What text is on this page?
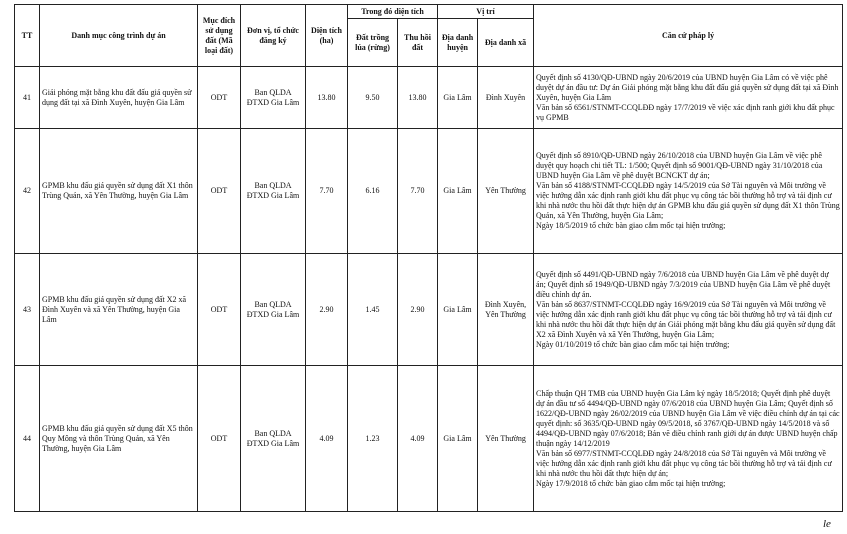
TT	Danh mục công trình dự án	Mục đích sử dụng đất (Mã loại đất)	Đơn vị, tổ chức đăng ký	Diện tích (ha)	Trong đó diện tích		Vị trí		Căn cứ pháp lý
					Đất trồng lúa (rừng)	Thu hồi đất	Địa danh huyện	Địa danh xã	
41	Giải phóng mặt bằng khu đất đấu giá quyền sử dụng đất tại xã Đình Xuyên, huyện Gia Lâm	ODT	Ban QLDA ĐTXD Gia Lâm	13.80	9.50	13.80	Gia Lâm	Đình Xuyên	Quyết định số 4130/QĐ-UBND ngày 20/6/2019 của UBND huyện Gia Lâm có về việc phê duyệt dự án đầu tư: Dự án Giải phóng mặt bằng khu đất đấu giá quyền sử dụng đất tại xã Đình Xuyên, huyện Gia Lâm

Văn bản số 6561/STNMT-CCQLĐĐ ngày 17/7/2019 về việc xác định ranh giới khu đất phục vụ GPMB

42	GPMB khu đấu giá quyền sử dụng đất X1 thôn Trùng Quán, xã Yên Thường, huyện Gia Lâm	ODT	Ban QLDA ĐTXD Gia Lâm	7.70	6.16	7.70	Gia Lâm	Yên Thường	Quyết định số 8910/QĐ-UBND ngày 26/10/2018 của UBND huyện Gia Lâm về việc phê duyệt quy hoạch chi tiết TL: 1/500; Quyết định số 9001/QĐ-UBND ngày 31/10/2018 của UBND huyện Gia Lâm về phê duyệt BCNCKT dự án;

Văn bản số 4188/STNMT-CCQLĐĐ ngày 14/5/2019 của Sở Tài nguyên và Môi trường về việc hướng dẫn xác định ranh giới khu đất phục vụ công tác bồi thường hỗ trợ và tái định cư khi nhà nước thu hồi đất thực hiện dự án GPMB khu đấu giá quyền sử dụng đất X1 thôn Trùng Quán, xã Yên Thường, huyện Gia Lâm;

Ngày 18/5/2019 tổ chức bàn giao cắm mốc tại hiện trường;

43	GPMB khu đấu giá quyền sử dụng đất X2 xã Đình Xuyên và xã Yên Thường, huyện Gia Lâm	ODT	Ban QLDA ĐTXD Gia Lâm	2.90	1.45	2.90	Gia Lâm	Đình Xuyên, Yên Thường	Quyết định số 4491/QĐ-UBND ngày 7/6/2018 của UBND huyện Gia Lâm về phê duyệt dự án; Quyết định số 1949/QĐ-UBND ngày 7/3/2019 của UBND huyện Gia Lâm về phê duyệt điều chỉnh dự án.

Văn bản số 8637/STNMT-CCQLĐĐ ngày 16/9/2019 của Sở Tài nguyên và Môi trường về việc hướng dẫn xác định ranh giới khu đất phục vụ công tác bồi thường hỗ trợ và tái định cư khi nhà nước thu hồi đất thực hiện dự án Giải phóng mặt bằng khu đấu giá quyền sử dụng đất X2 xã Đình Xuyên và xã Yên Thường, huyện Gia Lâm;

Ngày 01/10/2019 tổ chức bàn giao cắm mốc tại hiện trường;

44	GPMB khu đấu giá quyền sử dụng đất X5 thôn Quy Mông và thôn Trùng Quán, xã Yên Thường, huyện Gia Lâm	ODT	Ban QLDA ĐTXD Gia Lâm	4.09	1.23	4.09	Gia Lâm	Yên Thường	Chấp thuận QH TMB của UBND huyện Gia Lâm ký ngày 18/5/2018; Quyết định phê duyệt dự án đầu tư số 4494/QĐ-UBND ngày 07/6/2018 của UBND huyện Gia Lâm; Quyết định số 1622/QĐ-UBND ngày 26/02/2019 của UBND huyện Gia Lâm về việc điều chỉnh dự án tại các quyết định: số 3635/QĐ-UBND ngày 09/5/2018, số 3767/QĐ-UBND ngày 14/5/2018 và số 4494/QĐ-UBND ngày 07/6/2018; Bản vẽ điều chỉnh ranh giới dự án được UBND huyện chấp thuận ngày 14/12/2019

Văn bản số 6977/STNMT-CCQLĐĐ ngày 24/8/2018 của Sở Tài nguyên và Môi trường về việc hướng dẫn xác định ranh giới khu đất phục vụ công tác bồi thường hỗ trợ và tái định cư khi nhà nước thu hồi đất thực hiện dự án;

Ngày 17/9/2018 tổ chức bàn giao cắm mốc tại hiện trường;

le
